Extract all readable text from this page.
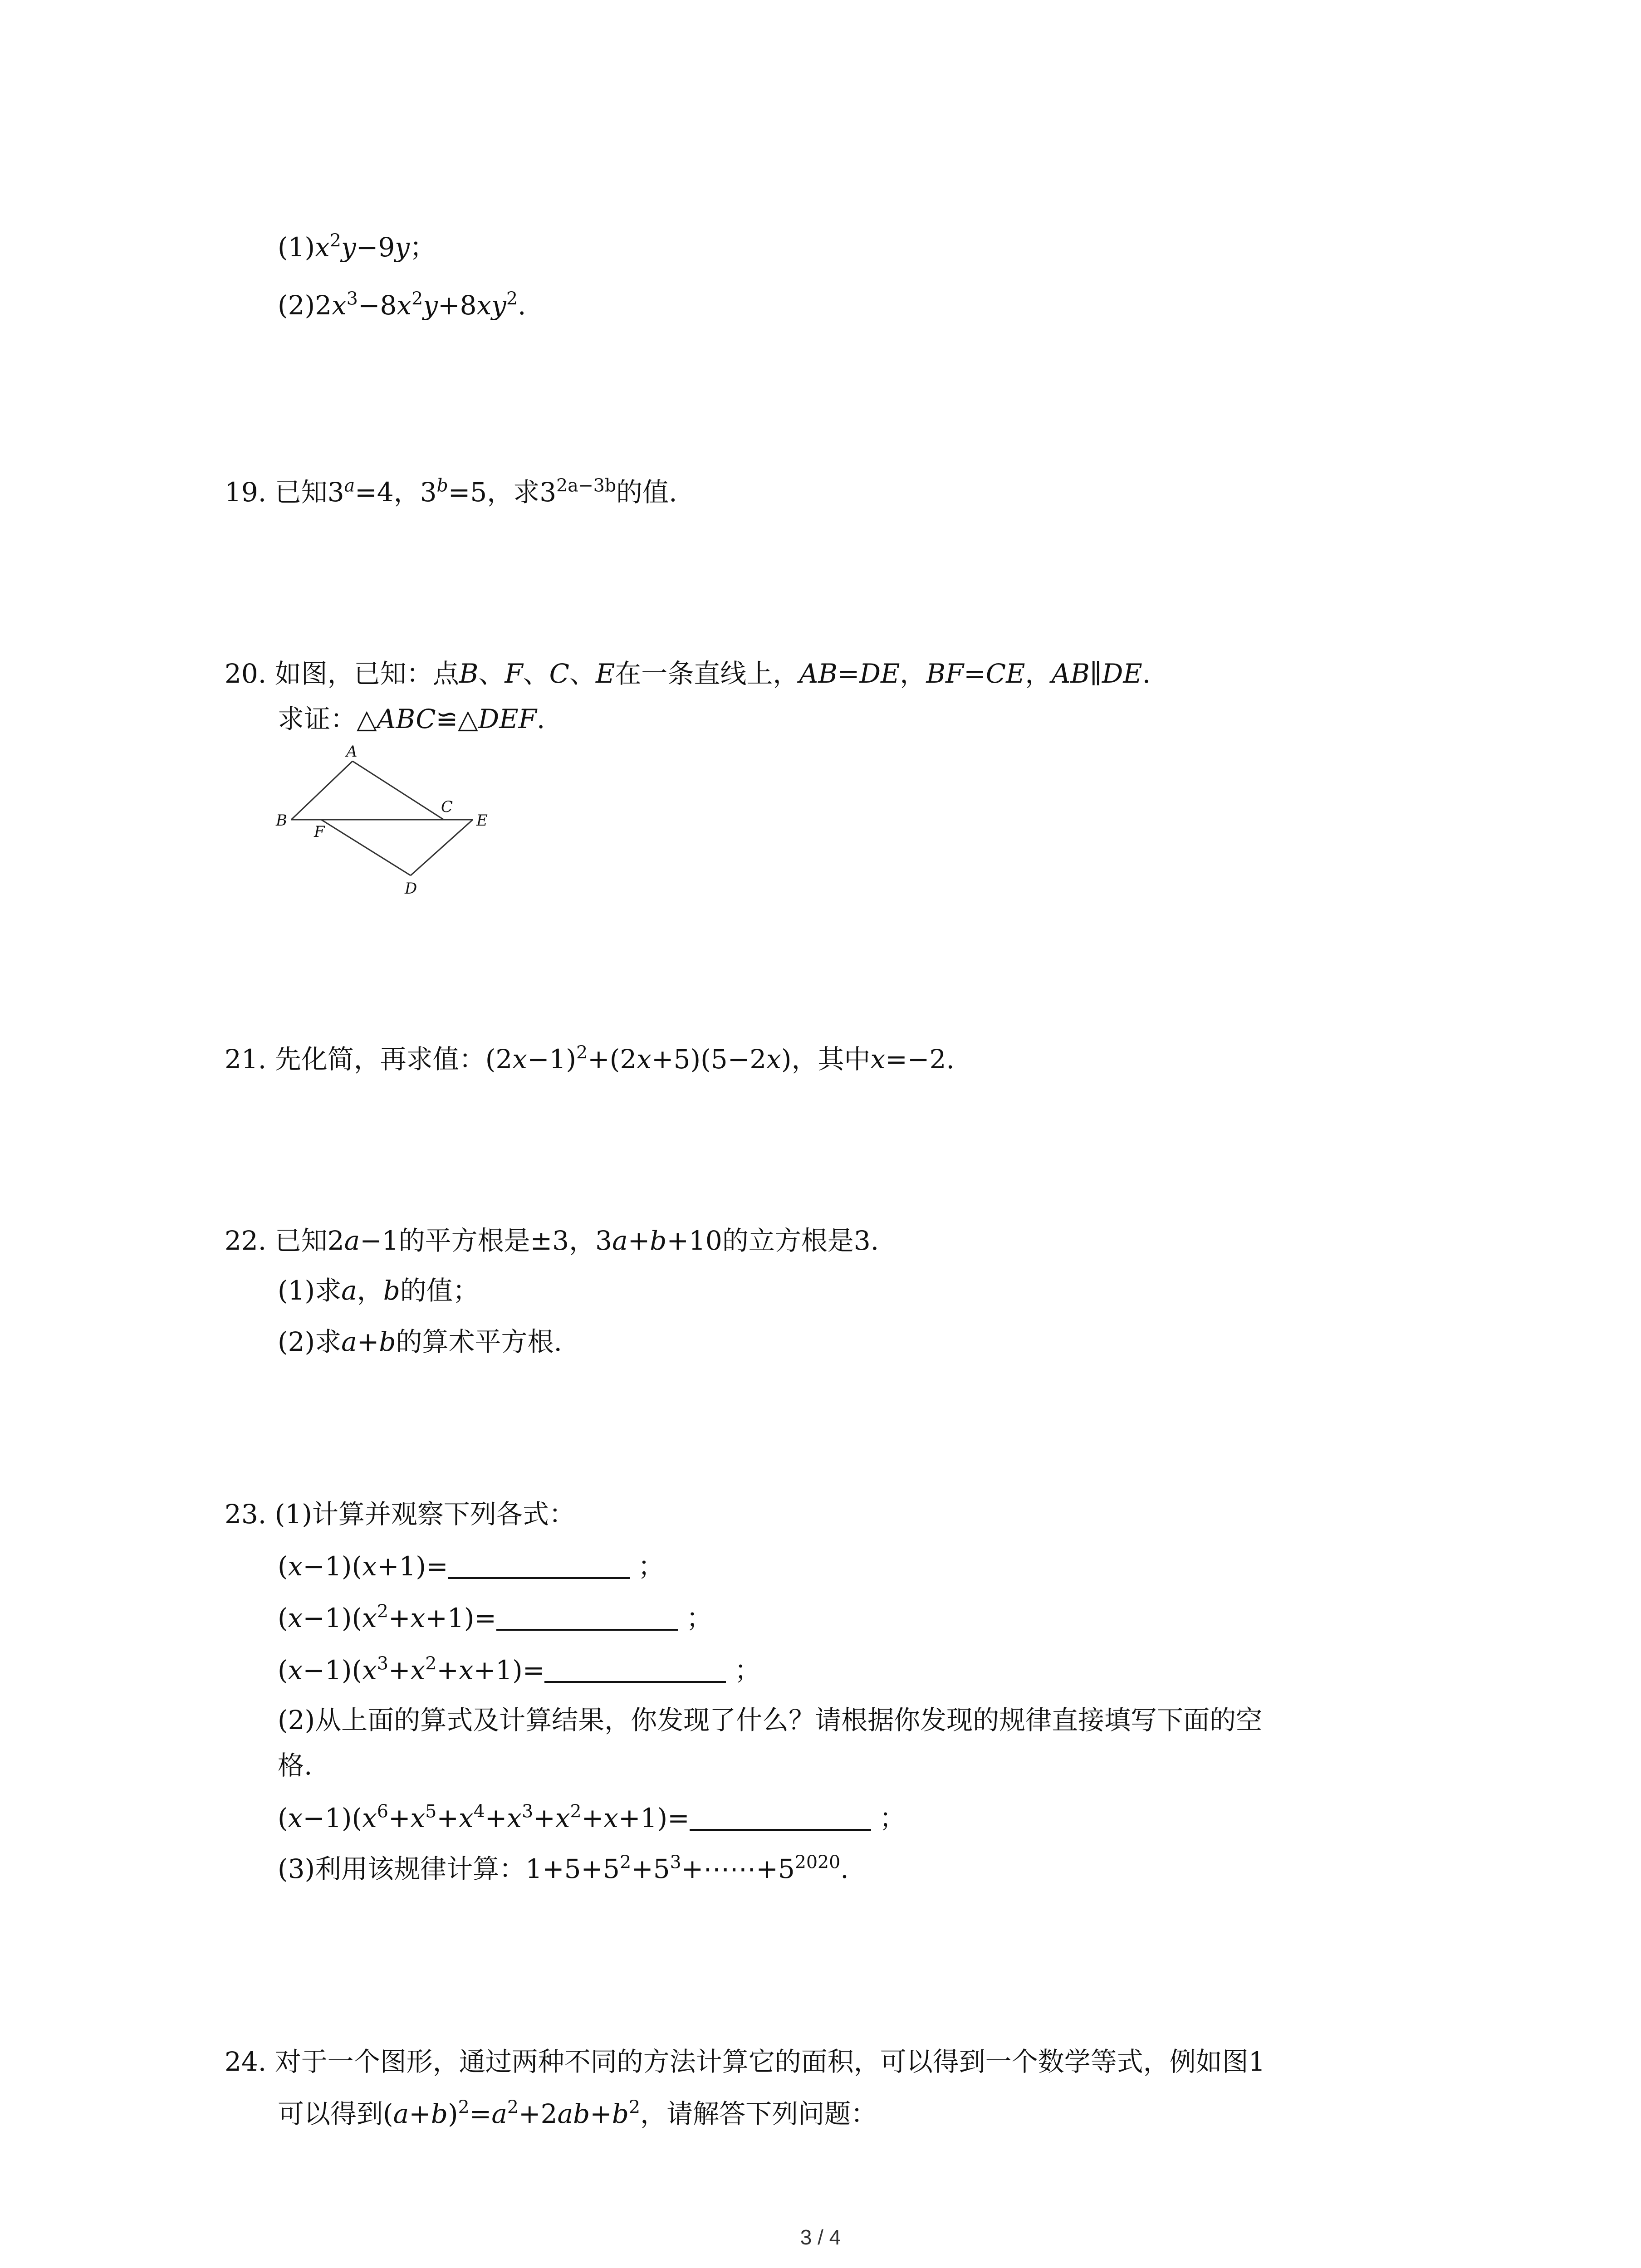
$(1)x^2y-9y$；
$(2)2x^3-8x^2y+8xy^2$.
19. 已知$3^a=4$，$3^b=5$，求$3^{2a-3b}$的值.
20. 如图，已知：点B、F、C、E在一条直线上，AB=DE，BF=CE，AB∥DE.
求证：△ABC≌△DEF.
A
B
C
D
E
F
21. 先化简，再求值：$(2x-1)^2+(2x+5)(5-2x)$，其中x=−2.
22. 已知2a−1的平方根是±3，3a+b+10的立方根是3.
(1)求a，b的值；
(2)求a+b的算术平方根.
23. (1)计算并观察下列各式：
(x−1)(x+1)=	；
$(x-1)(x^2+x+1)=$	；
$(x-1)(x^3+x^2+x+1)=$	；
(2)从上面的算式及计算结果，你发现了什么？请根据你发现的规律直接填写下面的空
格.
$(x-1)(x^6+x^5+x^4+x^3+x^2+x+1)=$	；
(3)利用该规律计算：$1+5+5^2+5^3+\cdots\cdots+5^{2020}$.
24. 对于一个图形，通过两种不同的方法计算它的面积，可以得到一个数学等式，例如图1
可以得到$(a+b)^2=a^2+2ab+b^2$，请解答下列问题：
3 / 4
